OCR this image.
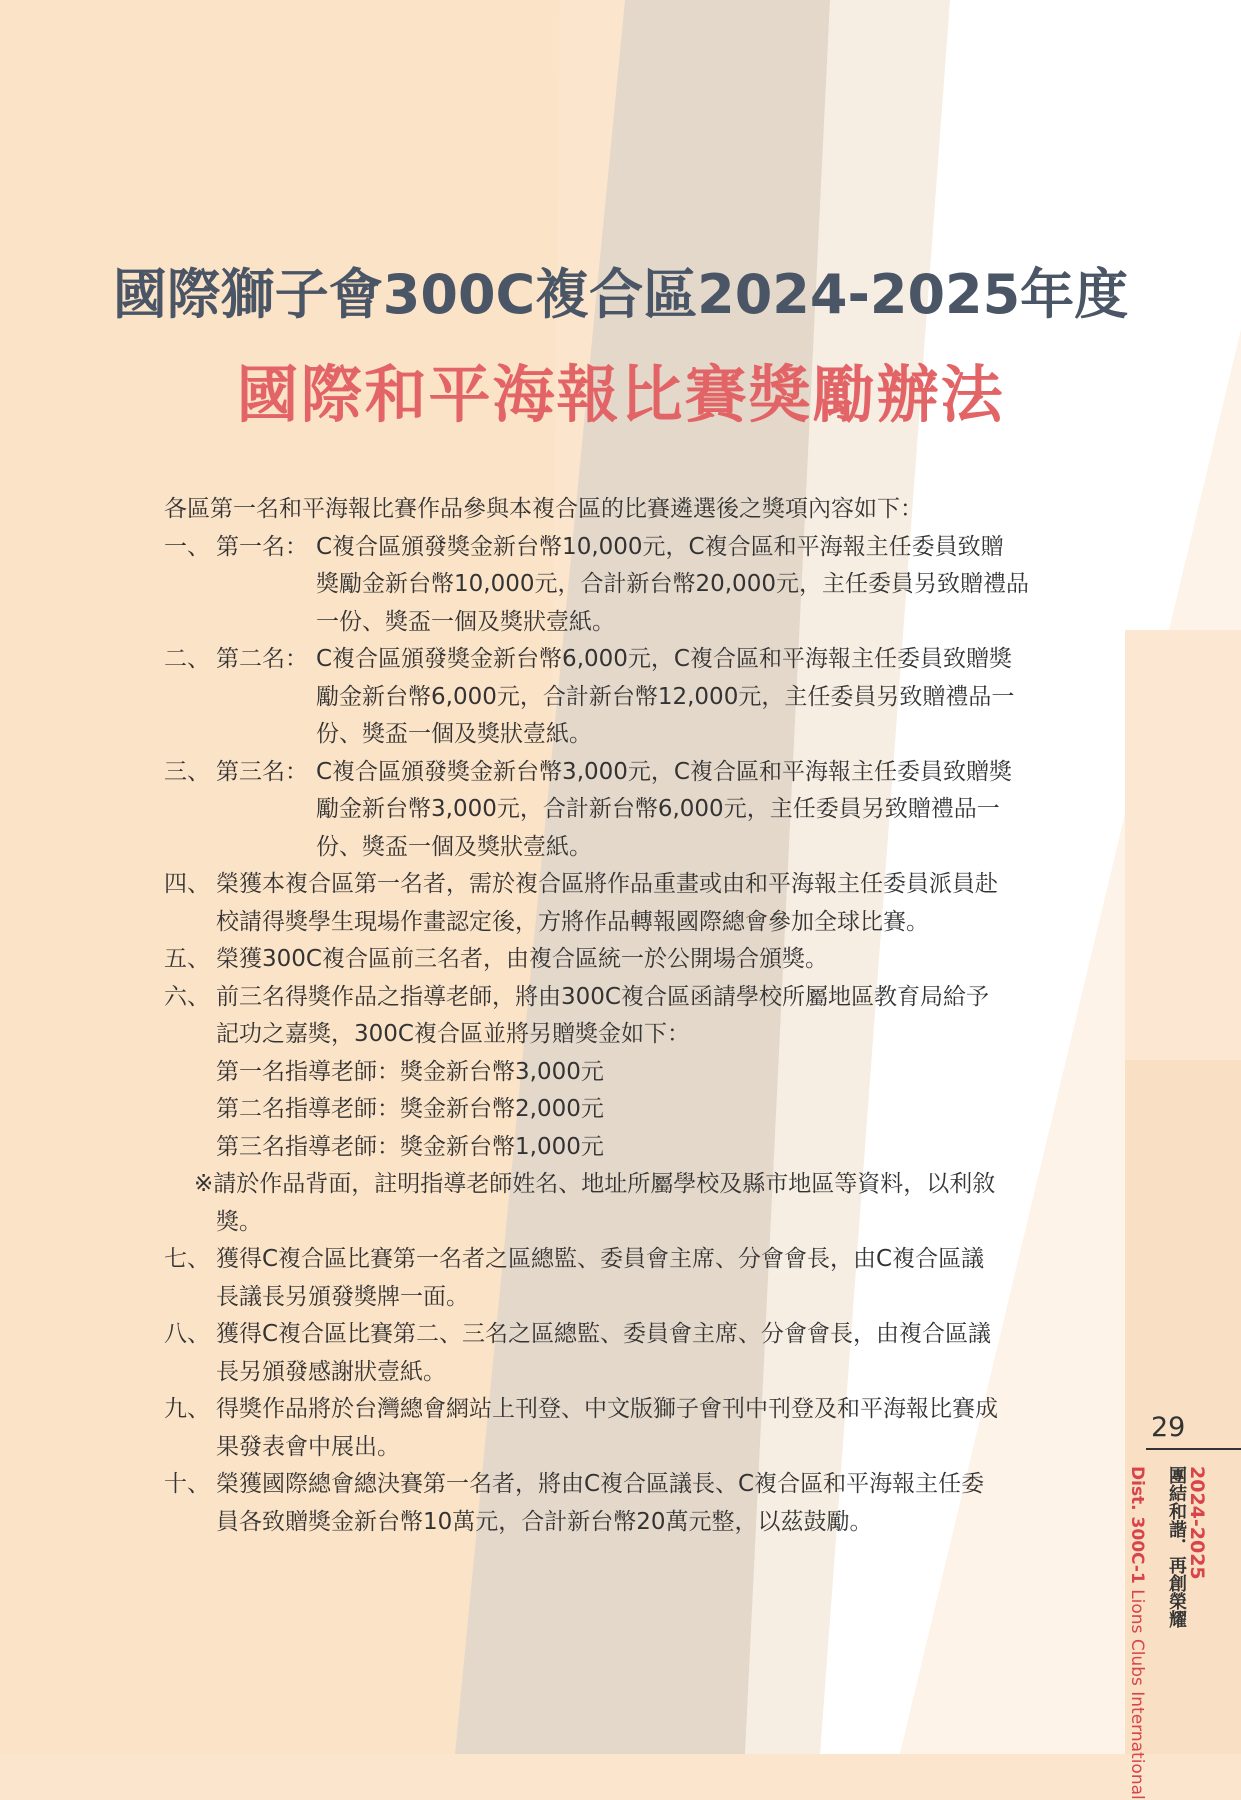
國際獅子會300C複合區2024-2025年度
國際和平海報比賽獎勵辦法
各區第一名和平海報比賽作品參與本複合區的比賽遴選後之獎項內容如下：
一、 第一名： C複合區頒發獎金新台幣10,000元，C複合區和平海報主任委員致贈
獎勵金新台幣10,000元，合計新台幣20,000元，主任委員另致贈禮品
一份、獎盃一個及獎狀壹紙。
二、 第二名： C複合區頒發獎金新台幣6,000元，C複合區和平海報主任委員致贈獎
勵金新台幣6,000元，合計新台幣12,000元，主任委員另致贈禮品一
份、獎盃一個及獎狀壹紙。
三、 第三名： C複合區頒發獎金新台幣3,000元，C複合區和平海報主任委員致贈獎
勵金新台幣3,000元，合計新台幣6,000元，主任委員另致贈禮品一
份、獎盃一個及獎狀壹紙。
四、 榮獲本複合區第一名者，需於複合區將作品重畫或由和平海報主任委員派員赴
校請得獎學生現場作畫認定後，方將作品轉報國際總會參加全球比賽。
五、 榮獲300C複合區前三名者，由複合區統一於公開場合頒獎。
六、 前三名得獎作品之指導老師，將由300C複合區函請學校所屬地區教育局給予
記功之嘉獎，300C複合區並將另贈獎金如下：
第一名指導老師：獎金新台幣3,000元
第二名指導老師：獎金新台幣2,000元
第三名指導老師：獎金新台幣1,000元
※請於作品背面，註明指導老師姓名、地址所屬學校及縣市地區等資料，以利敘
獎。
七、 獲得C複合區比賽第一名者之區總監、委員會主席、分會會長，由C複合區議
長議長另頒發獎牌一面。
八、 獲得C複合區比賽第二、三名之區總監、委員會主席、分會會長，由複合區議
長另頒發感謝狀壹紙。
九、 得獎作品將於台灣總會網站上刊登、中文版獅子會刊中刊登及和平海報比賽成
果發表會中展出。
十、 榮獲國際總會總決賽第一名者，將由C複合區議長、C複合區和平海報主任委
員各致贈獎金新台幣10萬元，合計新台幣20萬元整，以茲鼓勵。
29
2024-2025
團結和諧．再創榮耀
Dist. 300C-1 Lions Clubs International
